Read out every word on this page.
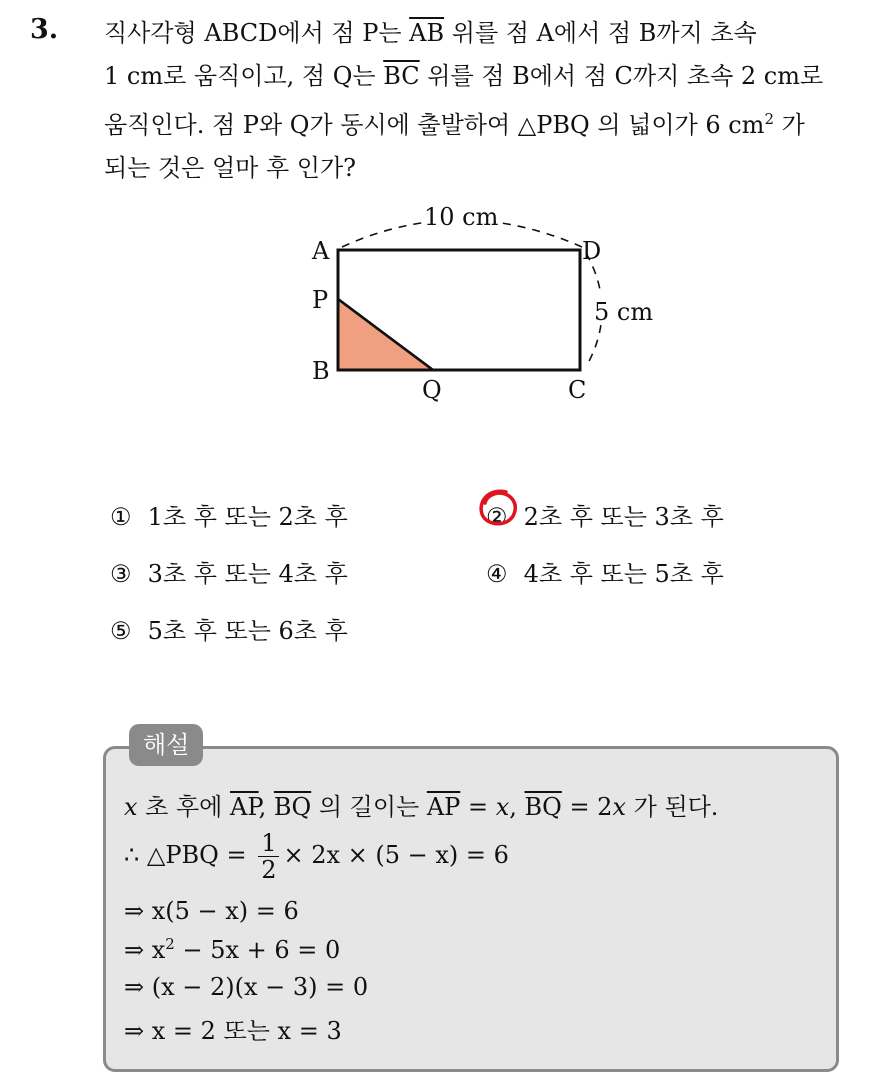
3. 직사각형 ABCD에서 점 P는 $\overline{AB}$ 위를 점 A에서 점 B까지 초속
1 cm로 움직이고, 점 Q는 $\overline{BC}$ 위를 점 B에서 점 C까지 초속 2 cm로
움직인다. 점 P와 Q가 동시에 출발하여 △PBQ 의 넓이가 6 $cm^2$ 가
되는 것은 얼마 후 인가?
10 cm
5 cm
A	D
P
B
Q	C
① 1초 후 또는 2초 후	② 2초 후 또는 3초 후
③ 3초 후 또는 4초 후	④ 4초 후 또는 5초 후
⑤ 5초 후 또는 6초 후
해설
x 초 후에 $\overline{AP}$, $\overline{BQ}$ 의 길이는 $\overline{AP} = x$, $\overline{BQ} = 2x$ 가 된다.
∴ △PBQ = $\frac{1}{2} \times 2x \times (5 - x) = 6$
⇒ x(5 − x) = 6
⇒ $x^2 - 5x + 6 = 0$
⇒ (x − 2)(x − 3) = 0
⇒ x = 2 또는 x = 3
